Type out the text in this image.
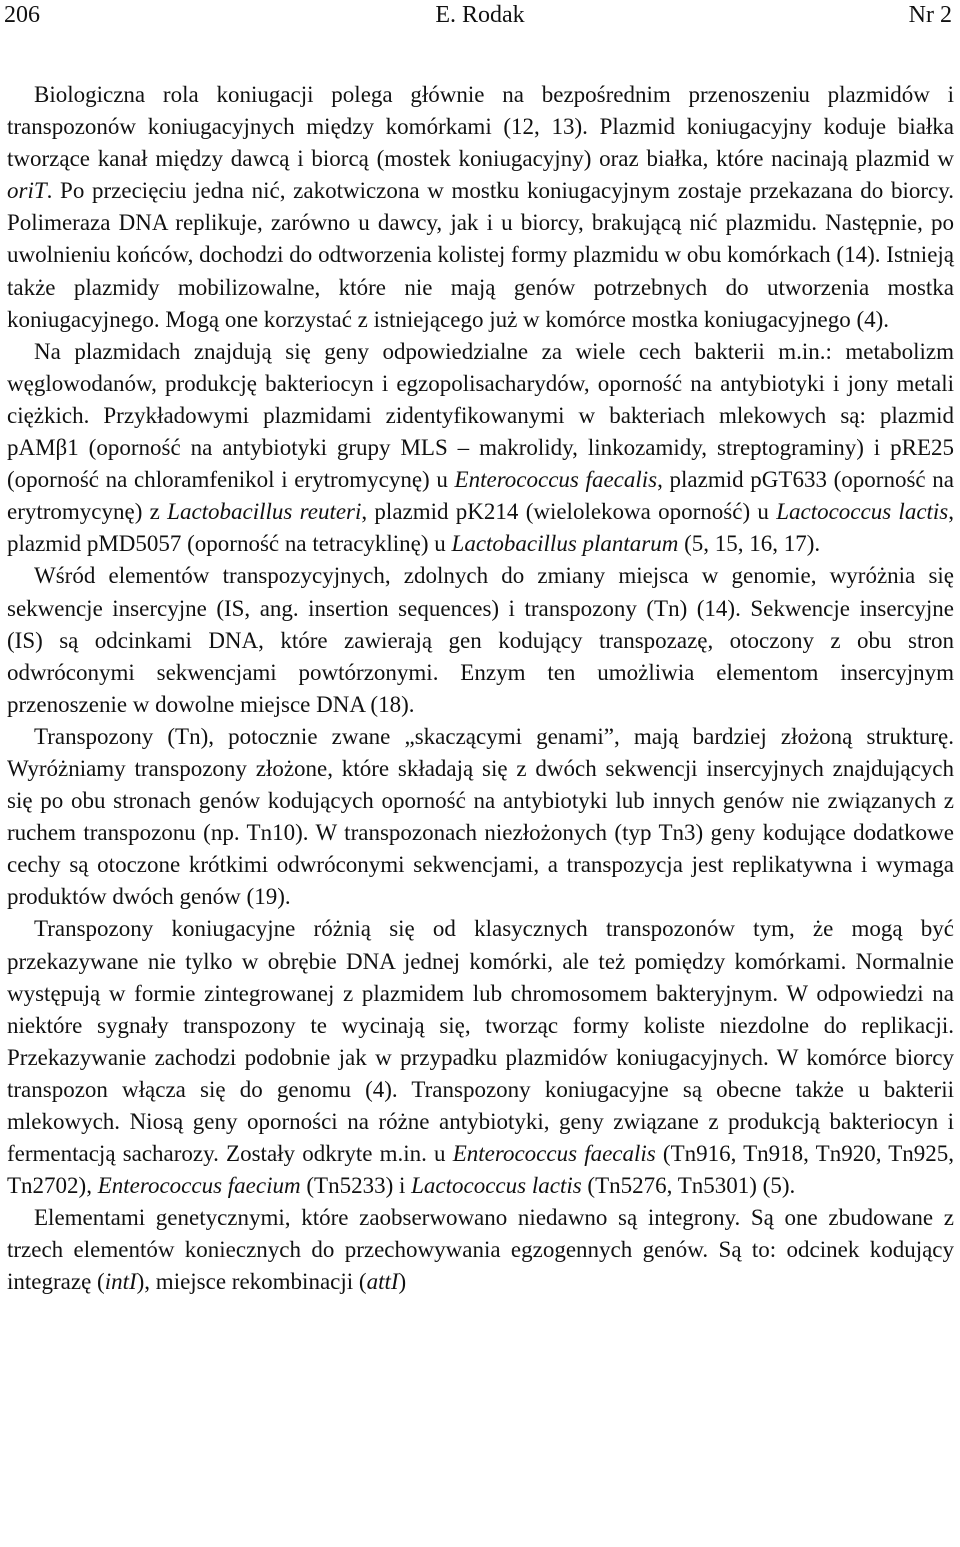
206	E. Rodak	Nr 2

Biologiczna rola koniugacji polega głównie na bezpośrednim przenoszeniu plazmidów i transpozonów koniugacyjnych między komórkami (12, 13). Plazmid koniugacyjny koduje białka tworzące kanał między dawcą i biorcą (mostek koniugacyjny) oraz białka, które nacinają plazmid w oriT. Po przecięciu jedna nić, zakotwiczona w mostku koniugacyjnym zostaje przekazana do biorcy. Polimeraza DNA replikuje, zarówno u dawcy, jak i u biorcy, brakującą nić plazmidu. Następnie, po uwolnieniu końców, dochodzi do odtworzenia kolistej formy plazmidu w obu komórkach (14). Istnieją także plazmidy mobilizowalne, które nie mają genów potrzebnych do utworzenia mostka koniugacyjnego. Mogą one korzystać z istniejącego już w komórce mostka koniugacyjnego (4).

Na plazmidach znajdują się geny odpowiedzialne za wiele cech bakterii m.in.: metabolizm węglowodanów, produkcję bakteriocyn i egzopolisacharydów, oporność na antybiotyki i jony metali ciężkich. Przykładowymi plazmidami zidentyfikowanymi w bakteriach mlekowych są: plazmid pAMβ1 (oporność na antybiotyki grupy MLS – makrolidy, linkozamidy, streptograminy) i pRE25 (oporność na chloramfenikol i erytromycynę) u Enterococcus faecalis, plazmid pGT633 (oporność na erytromycynę) z Lactobacillus reuteri, plazmid pK214 (wielolekowa oporność) u Lactococcus lactis, plazmid pMD5057 (oporność na tetracyklinę) u Lactobacillus plantarum (5, 15, 16, 17).

Wśród elementów transpozycyjnych, zdolnych do zmiany miejsca w genomie, wyróżnia się sekwencje insercyjne (IS, ang. insertion sequences) i transpozony (Tn) (14). Sekwencje insercyjne (IS) są odcinkami DNA, które zawierają gen kodujący transpozazę, otoczony z obu stron odwróconymi sekwencjami powtórzonymi. Enzym ten umożliwia elementom insercyjnym przenoszenie w dowolne miejsce DNA (18).

Transpozony (Tn), potocznie zwane „skaczącymi genami”, mają bardziej złożoną strukturę. Wyróżniamy transpozony złożone, które składają się z dwóch sekwencji insercyjnych znajdujących się po obu stronach genów kodujących oporność na antybiotyki lub innych genów nie związanych z ruchem transpozonu (np. Tn10). W transpozonach niezłożonych (typ Tn3) geny kodujące dodatkowe cechy są otoczone krótkimi odwróconymi sekwencjami, a transpozycja jest replikatywna i wymaga produktów dwóch genów (19).

Transpozony koniugacyjne różnią się od klasycznych transpozonów tym, że mogą być przekazywane nie tylko w obrębie DNA jednej komórki, ale też pomiędzy komórkami. Normalnie występują w formie zintegrowanej z plazmidem lub chromosomem bakteryjnym. W odpowiedzi na niektóre sygnały transpozony te wycinają się, tworząc formy koliste niezdolne do replikacji. Przekazywanie zachodzi podobnie jak w przypadku plazmidów koniugacyjnych. W komórce biorcy transpozon włącza się do genomu (4). Transpozony koniugacyjne są obecne także u bakterii mlekowych. Niosą geny oporności na różne antybiotyki, geny związane z produkcją bakteriocyn i fermentacją sacharozy. Zostały odkryte m.in. u Enterococcus faecalis (Tn916, Tn918, Tn920, Tn925, Tn2702), Enterococcus faecium (Tn5233) i Lactococcus lactis (Tn5276, Tn5301) (5).

Elementami genetycznymi, które zaobserwowano niedawno są integrony. Są one zbudowane z trzech elementów koniecznych do przechowywania egzogennych genów. Są to: odcinek kodujący integrazę (intI), miejsce rekombinacji (attI)
